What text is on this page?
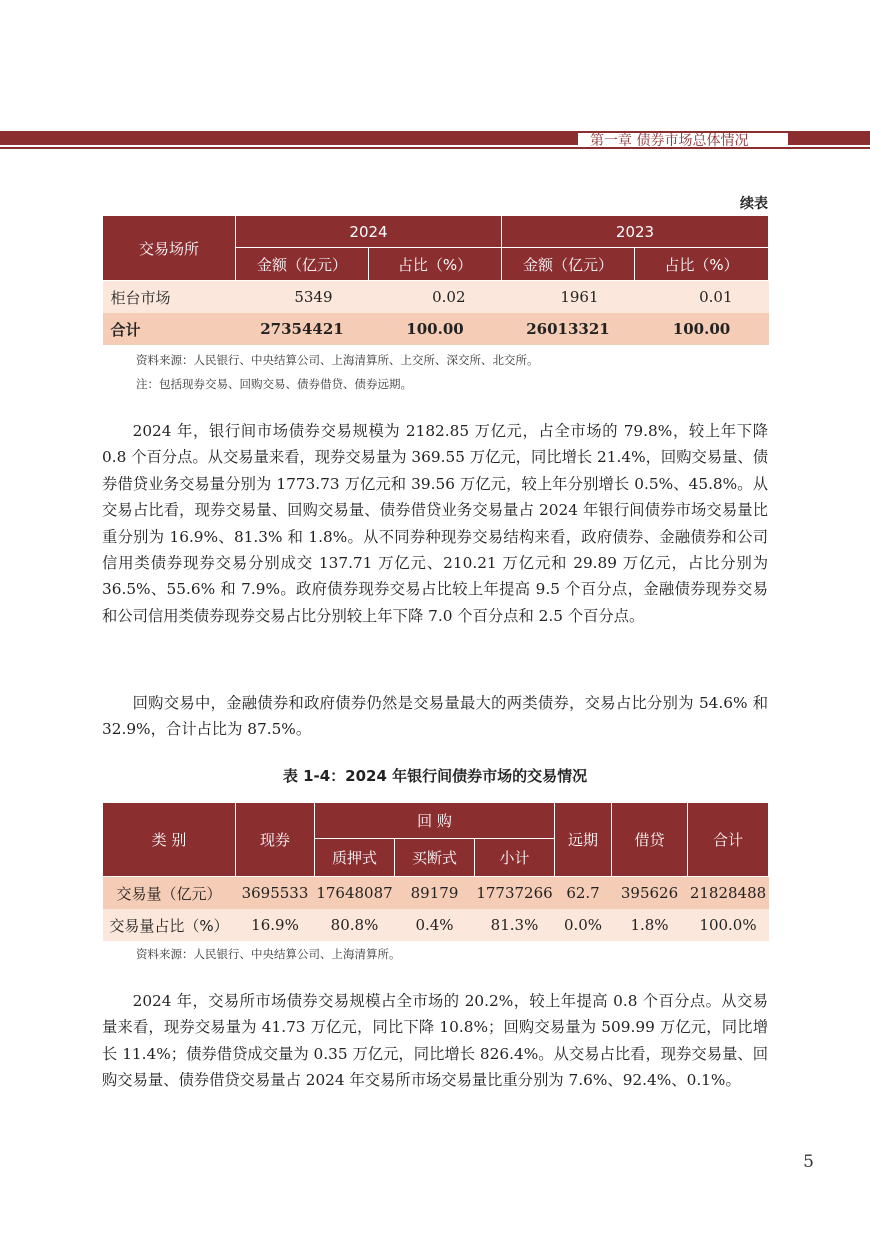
第一章 债券市场总体情况
续表
交易场所	2024		2023	
	金额（亿元）	占比（%）	金额（亿元）	占比（%）
柜台市场	5349	0.02	1961	0.01
合计	27354421	100.00	26013321	100.00
资料来源：人民银行、中央结算公司、上海清算所、上交所、深交所、北交所。
注：包括现券交易、回购交易、债券借贷、债券远期。

2024 年，银行间市场债券交易规模为 2182.85 万亿元，占全市场的 79.8%，较上年下降 0.8 个百分点。从交易量来看，现券交易量为 369.55 万亿元，同比增长 21.4%，回购交易量、债券借贷业务交易量分别为 1773.73 万亿元和 39.56 万亿元，较上年分别增长 0.5%、45.8%。从交易占比看，现券交易量、回购交易量、债券借贷业务交易量占 2024 年银行间债券市场交易量比重分别为 16.9%、81.3% 和 1.8%。从不同券种现券交易结构来看，政府债券、金融债券和公司信用类债券现券交易分别成交 137.71 万亿元、210.21 万亿元和 29.89 万亿元，占比分别为 36.5%、55.6% 和 7.9%。政府债券现券交易占比较上年提高 9.5 个百分点，金融债券现券交易和公司信用类债券现券交易占比分别较上年下降 7.0 个百分点和 2.5 个百分点。

回购交易中，金融债券和政府债券仍然是交易量最大的两类债券，交易占比分别为 54.6% 和 32.9%，合计占比为 87.5%。

表 1-4：2024 年银行间债券市场的交易情况
类 别	现券	回 购			远期	借贷	合计
		质押式	买断式	小计			
交易量（亿元）	3695533	17648087	89179	17737266	62.7	395626	21828488
交易量占比（%）	16.9%	80.8%	0.4%	81.3%	0.0%	1.8%	100.0%
资料来源：人民银行、中央结算公司、上海清算所。

2024 年，交易所市场债券交易规模占全市场的 20.2%，较上年提高 0.8 个百分点。从交易量来看，现券交易量为 41.73 万亿元，同比下降 10.8%；回购交易量为 509.99 万亿元，同比增长 11.4%；债券借贷成交量为 0.35 万亿元，同比增长 826.4%。从交易占比看，现券交易量、回购交易量、债券借贷交易量占 2024 年交易所市场交易量比重分别为 7.6%、92.4%、0.1%。

5
